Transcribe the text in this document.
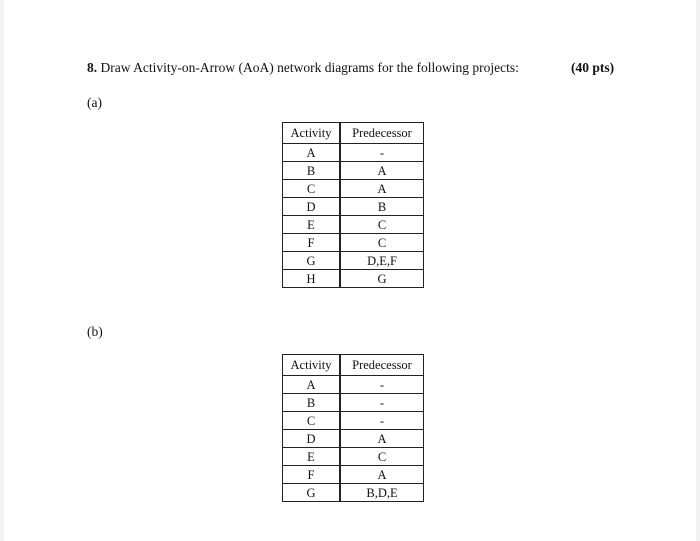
8. Draw Activity-on-Arrow (AoA) network diagrams for the following projects:	(40 pts)
(a)
Activity	Predecessor
A	-
B	A
C	A
D	B
E	C
F	C
G	D,E,F
H	G
(b)
Activity	Predecessor
A	-
B	-
C	-
D	A
E	C
F	A
G	B,D,E
